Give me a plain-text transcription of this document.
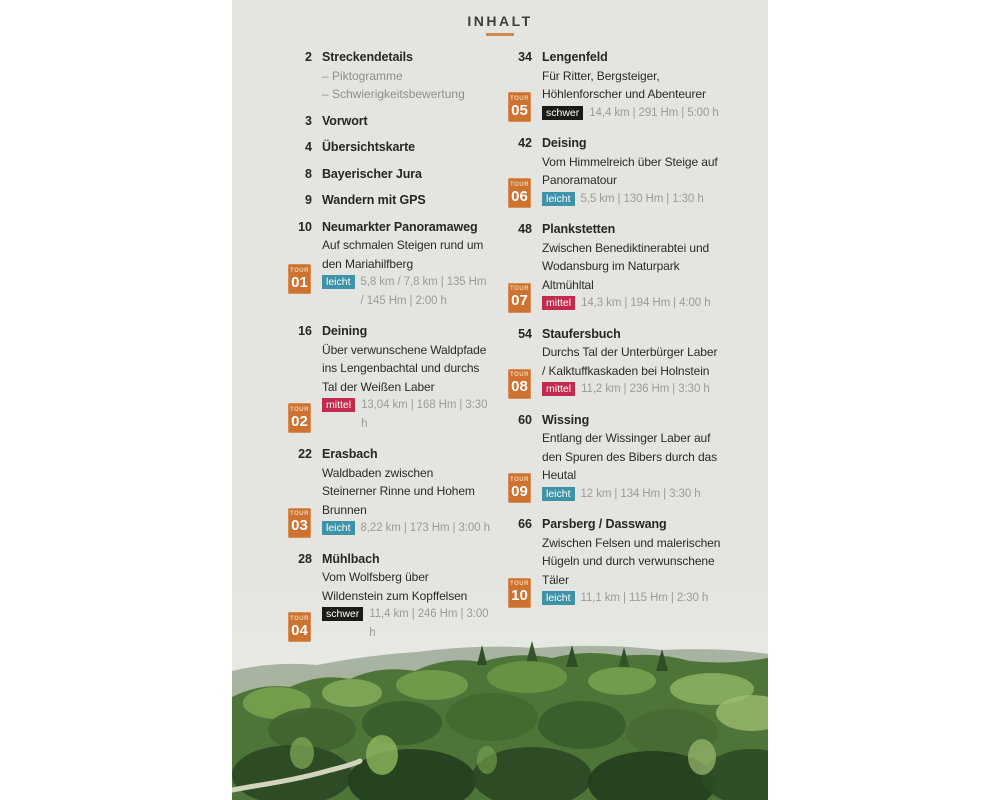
INHALT
2 Streckendetails
– Piktogramme
– Schwierigkeitsbewertung
3 Vorwort
4 Übersichtskarte
8 Bayerischer Jura
9 Wandern mit GPS
10 Neumarkter Panoramaweg
Auf schmalen Steigen rund um den Mariahilfberg
leicht 5,8 km / 7,8 km | 135 Hm / 145 Hm | 2:00 h
TOUR
01
16 Deining
Über verwunschene Waldpfade ins Lengenbachtal und durchs Tal der Weißen Laber
mittel 13,04 km | 168 Hm | 3:30 h
TOUR
02
22 Erasbach
Waldbaden zwischen Steinerner Rinne und Hohem Brunnen
leicht 8,22 km | 173 Hm | 3:00 h
TOUR
03
28 Mühlbach
Vom Wolfsberg über Wildenstein zum Kopffelsen
schwer 11,4 km | 246 Hm | 3:00 h
TOUR
04
34 Lengenfeld
Für Ritter, Bergsteiger, Höhlenforscher und Abenteurer
schwer 14,4 km | 291 Hm | 5:00 h
TOUR
05
42 Deising
Vom Himmelreich über Steige auf Panoramatour
leicht 5,5 km | 130 Hm | 1:30 h
TOUR
06
48 Plankstetten
Zwischen Benediktinerabtei und Wodansburg im Naturpark Altmühltal
mittel 14,3 km | 194 Hm | 4:00 h
TOUR
07
54 Staufersbuch
Durchs Tal der Unterbürger Laber / Kalktuffkaskaden bei Holnstein
mittel 11,2 km | 236 Hm | 3:30 h
TOUR
08
60 Wissing
Entlang der Wissinger Laber auf den Spuren des Bibers durch das Heutal
leicht 12 km | 134 Hm | 3:30 h
TOUR
09
66 Parsberg / Dasswang
Zwischen Felsen und malerischen Hügeln und durch verwunschene Täler
leicht 11,1 km | 115 Hm | 2:30 h
TOUR
10
